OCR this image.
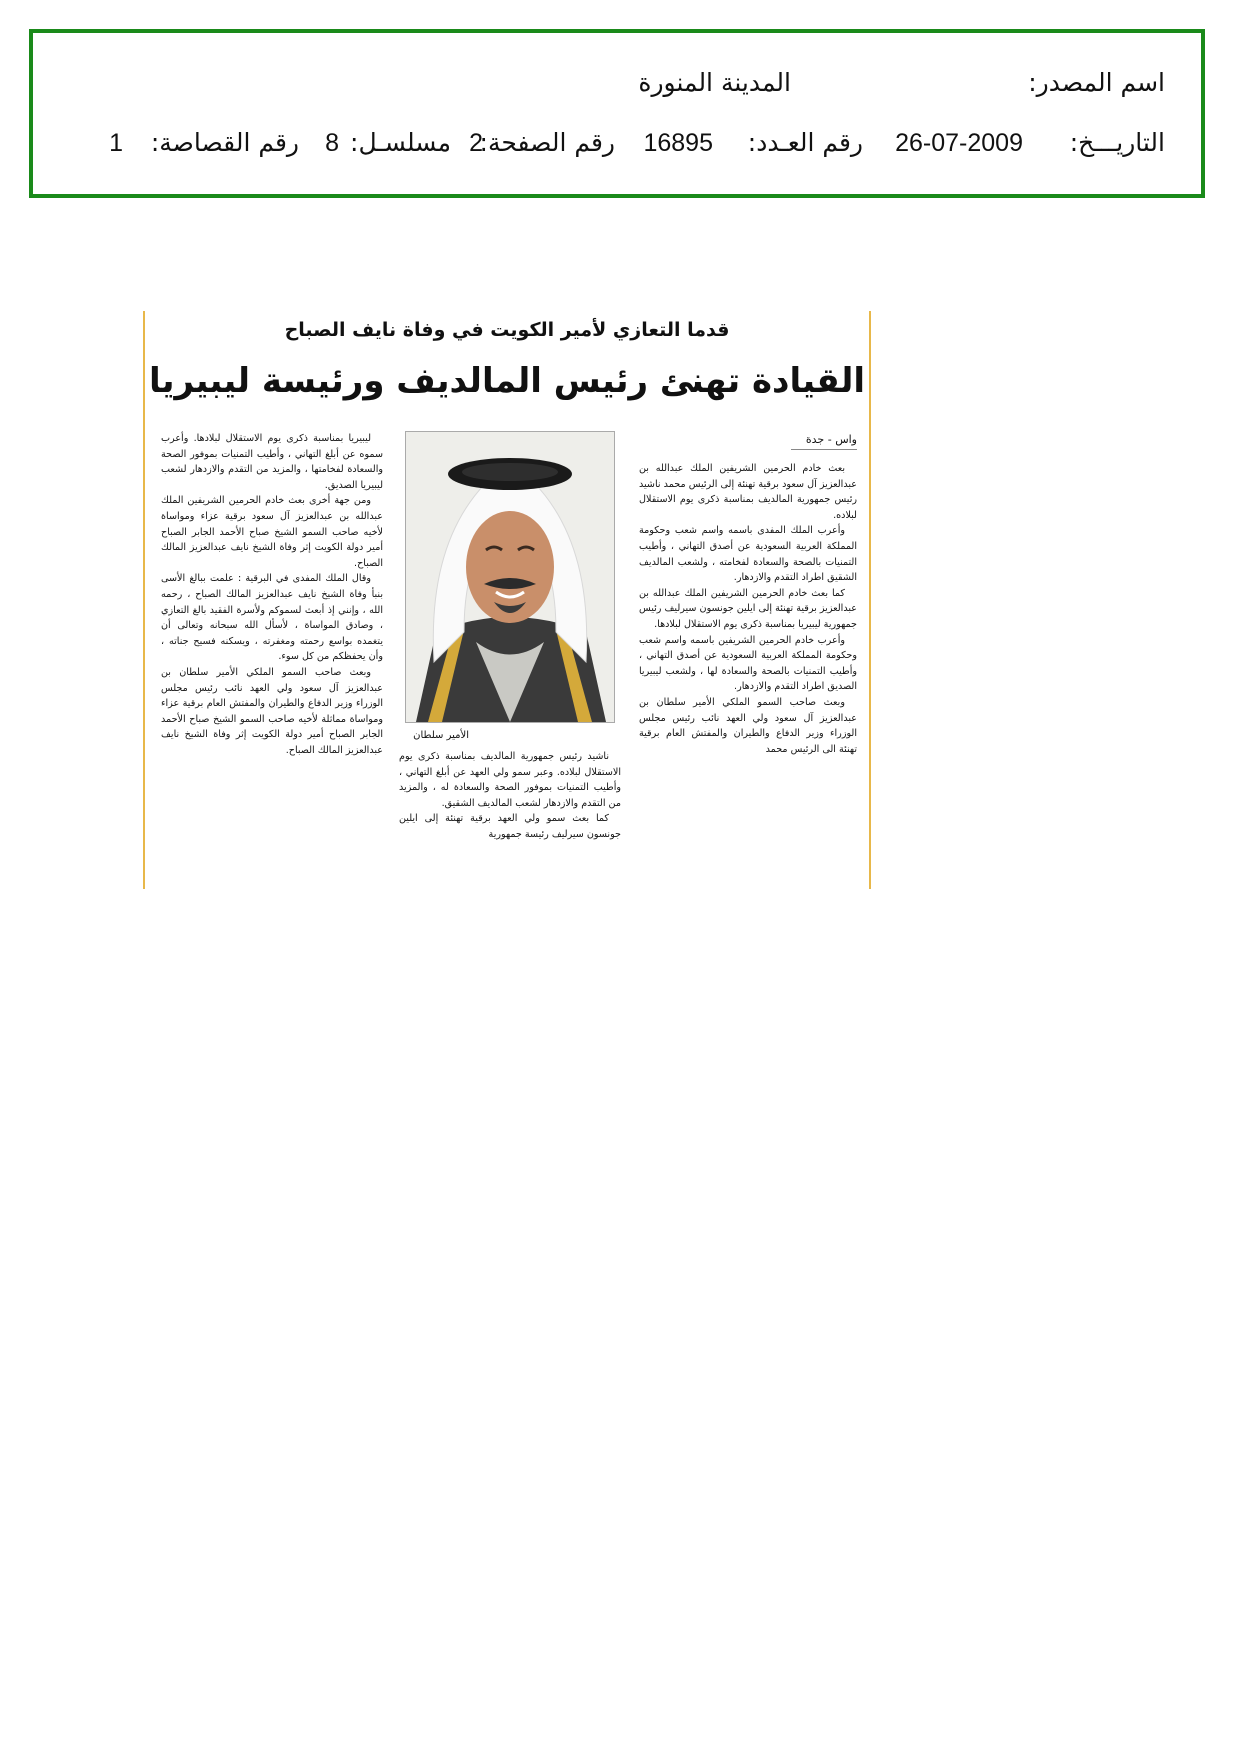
اسم المصدر:
المدينة المنورة
التاريـــخ:
26-07-2009
رقم العـدد:
16895
رقم الصفحة:
2
مسلسـل:
8
رقم القصاصة:
1
قدما التعازي لأمير الكويت في وفاة نايف الصباح
القيادة تهنئ رئيس المالديف ورئيسة ليبيريا
واس - جدة

بعث خادم الحرمين الشريفين الملك عبدالله بن عبدالعزيز آل سعود برقية تهنئة إلى الرئيس محمد ناشيد رئيس جمهورية المالديف بمناسبة ذكرى يوم الاستقلال لبلاده.

وأعرب الملك المفدى باسمه واسم شعب وحكومة المملكة العربية السعودية عن أصدق التهاني ، وأطيب التمنيات بالصحة والسعادة لفخامته ، ولشعب المالديف الشقيق اطراد التقدم والازدهار.

كما بعث خادم الحرمين الشريفين الملك عبدالله بن عبدالعزيز برقية تهنئة إلى ايلين جونسون سيرليف رئيس جمهورية ليبيريا بمناسبة ذكرى يوم الاستقلال لبلادها.

وأعرب خادم الحرمين الشريفين باسمه واسم شعب وحكومة المملكة العربية السعودية عن أصدق التهاني ، وأطيب التمنيات بالصحة والسعادة لها ، ولشعب ليبيريا الصديق اطراد التقدم والازدهار.

وبعث صاحب السمو الملكي الأمير سلطان بن عبدالعزيز آل سعود ولي العهد نائب رئيس مجلس الوزراء وزير الدفاع والطيران والمفتش العام برقية تهنئة الى الرئيس محمد

الأمير سلطان

ناشيد رئيس جمهورية المالديف بمناسبة ذكرى يوم الاستقلال لبلاده. وعبر سمو ولي العهد عن أبلغ التهاني ، وأطيب التمنيات بموفور الصحة والسعادة له ، والمزيد من التقدم والازدهار لشعب المالديف الشقيق.

كما بعث سمو ولي العهد برقية تهنئة إلى ايلين جونسون سيرليف رئيسة جمهورية

ليبيريا بمناسبة ذكرى يوم الاستقلال لبلادها. وأعرب سموه عن أبلغ التهاني ، وأطيب التمنيات بموفور الصحة والسعادة لفخامتها ، والمزيد من التقدم والازدهار لشعب ليبيريا الصديق.

ومن جهة أخرى بعث خادم الحرمين الشريفين الملك عبدالله بن عبدالعزيز آل سعود برقية عزاء ومواساة لأخيه صاحب السمو الشيخ صباح الأحمد الجابر الصباح أمير دولة الكويت إثر وفاة الشيخ نايف عبدالعزيز المالك الصباح.

وقال الملك المفدى في البرقية : علمت ببالغ الأسى بنبأ وفاة الشيخ نايف عبدالعزيز المالك الصباح ، رحمه الله ، وإنني إذ أبعث لسموكم ولأسرة الفقيد بالغ التعازي ، وصادق المواساة ، لأسأل الله سبحانه وتعالى أن يتغمده بواسع رحمته ومغفرته ، ويسكنه فسيح جناته ، وأن يحفظكم من كل سوء.

وبعث صاحب السمو الملكي الأمير سلطان بن عبدالعزيز آل سعود ولي العهد نائب رئيس مجلس الوزراء وزير الدفاع والطيران والمفتش العام برقية عزاء ومواساة مماثلة لأخيه صاحب السمو الشيخ صباح الأحمد الجابر الصباح أمير دولة الكويت إثر وفاة الشيخ نايف عبدالعزيز المالك الصباح.
